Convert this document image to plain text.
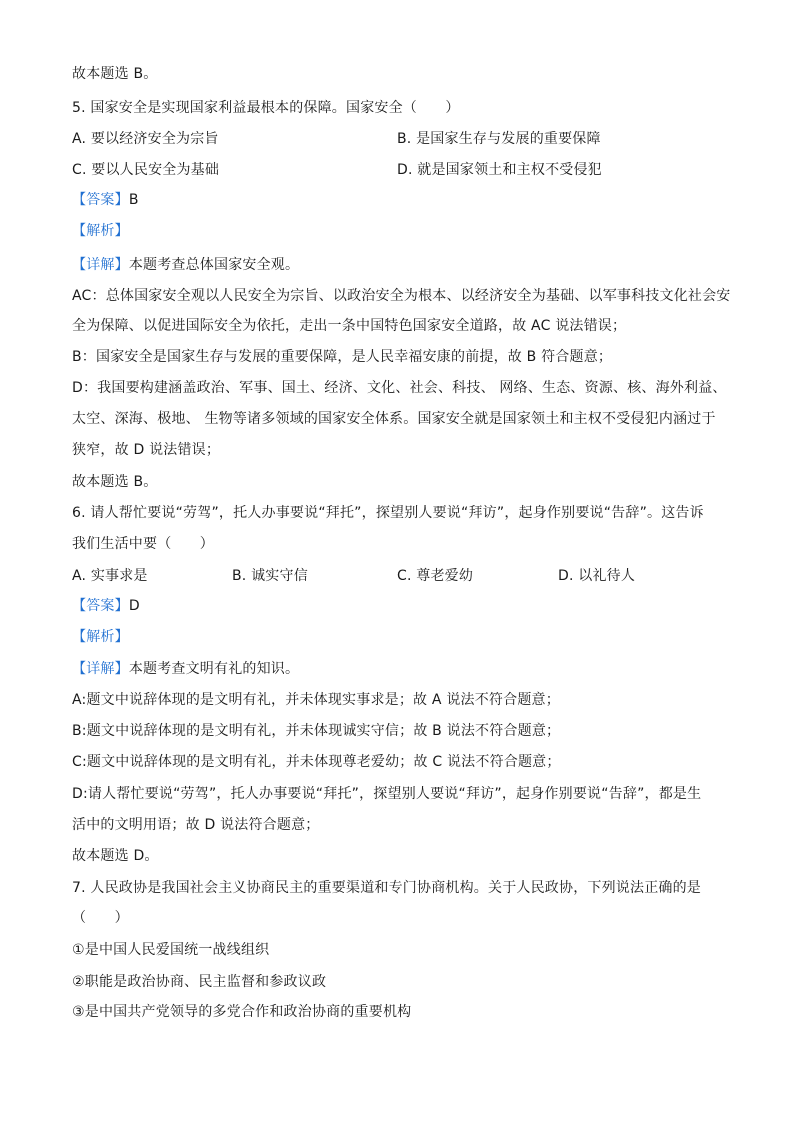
故本题选 B。
5. 国家安全是实现国家利益最根本的保障。国家安全（　　）
A. 要以经济安全为宗旨	B. 是国家生存与发展的重要保障
C. 要以人民安全为基础	D. 就是国家领土和主权不受侵犯
【答案】B
【解析】
【详解】本题考查总体国家安全观。
AC：总体国家安全观以人民安全为宗旨、以政治安全为根本、以经济安全为基础、以军事科技文化社会安
全为保障、以促进国际安全为依托，走出一条中国特色国家安全道路，故 AC 说法错误；
B：国家安全是国家生存与发展的重要保障，是人民幸福安康的前提，故 B 符合题意；
D：我国要构建涵盖政治、军事、国土、经济、文化、社会、科技、 网络、生态、资源、核、海外利益、
太空、深海、极地、 生物等诸多领域的国家安全体系。国家安全就是国家领土和主权不受侵犯内涵过于
狭窄，故 D 说法错误；
故本题选 B。
6. 请人帮忙要说“劳驾”，托人办事要说“拜托”，探望别人要说“拜访”，起身作别要说“告辞”。这告诉
我们生活中要（　　）
A. 实事求是	B. 诚实守信	C. 尊老爱幼	D. 以礼待人
【答案】D
【解析】
【详解】本题考查文明有礼的知识。
A:题文中说辞体现的是文明有礼，并未体现实事求是；故 A 说法不符合题意；
B:题文中说辞体现的是文明有礼，并未体现诚实守信；故 B 说法不符合题意；
C:题文中说辞体现的是文明有礼，并未体现尊老爱幼；故 C 说法不符合题意；
D:请人帮忙要说“劳驾”，托人办事要说“拜托”，探望别人要说“拜访”，起身作别要说“告辞”，都是生
活中的文明用语；故 D 说法符合题意；
故本题选 D。
7. 人民政协是我国社会主义协商民主的重要渠道和专门协商机构。关于人民政协，下列说法正确的是
（　　）
①是中国人民爱国统一战线组织
②职能是政治协商、民主监督和参政议政
③是中国共产党领导的多党合作和政治协商的重要机构
